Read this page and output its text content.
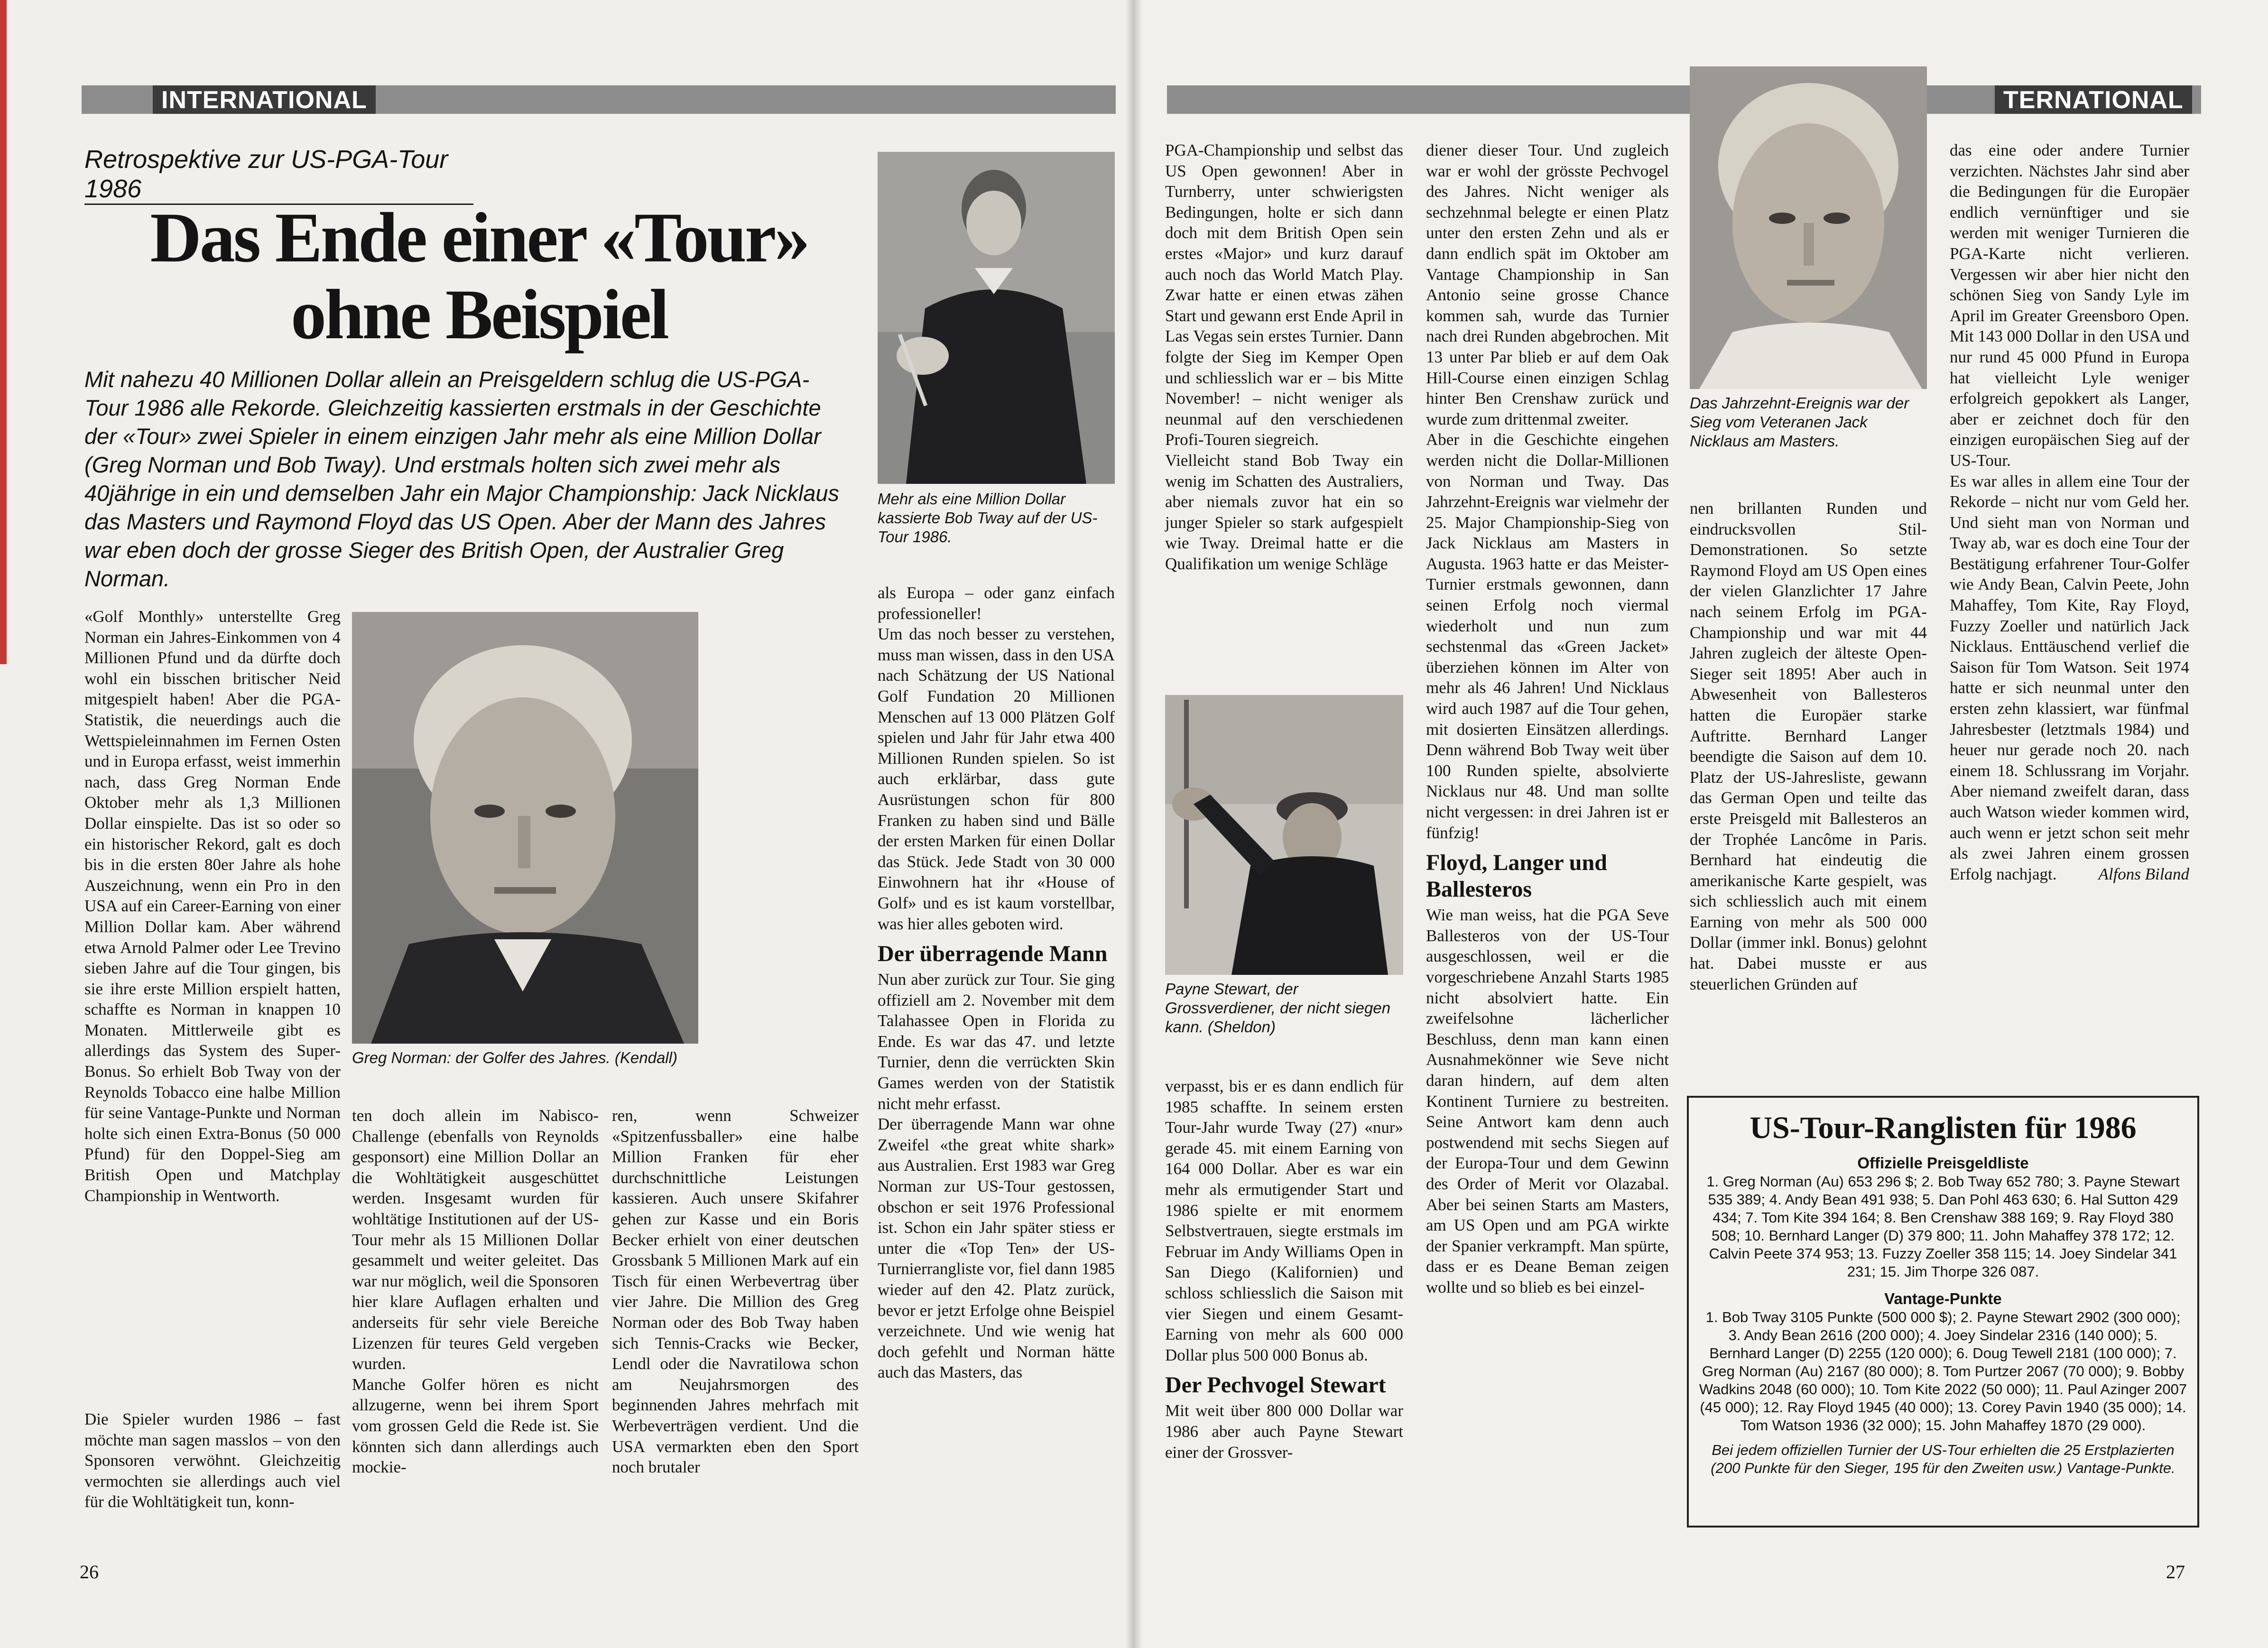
INTERNATIONAL
Retrospektive zur US-PGA-Tour 1986
Das Ende einer «Tour»
ohne Beispiel
Mit nahezu 40 Millionen Dollar allein an Preisgeldern schlug die US-PGA-Tour 1986 alle Rekorde. Gleichzeitig kassierten erstmals in der Geschichte der «Tour» zwei Spieler in einem einzigen Jahr mehr als eine Million Dollar (Greg Norman und Bob Tway). Und erstmals holten sich zwei mehr als 40jährige in ein und demselben Jahr ein Major Championship: Jack Nicklaus das Masters und Raymond Floyd das US Open. Aber der Mann des Jahres war eben doch der grosse Sieger des British Open, der Australier Greg Norman.
Mehr als eine Million Dollar kassierte Bob Tway auf der US-Tour 1986.
Greg Norman: der Golfer des Jahres. (Kendall)

«Golf Monthly» unterstellte Greg Norman ein Jahres-Einkommen von 4 Millionen Pfund und da dürfte doch wohl ein bisschen britischer Neid mitgespielt haben! Aber die PGA-Statistik, die neuerdings auch die Wettspieleinnahmen im Fernen Osten und in Europa erfasst, weist immerhin nach, dass Greg Norman Ende Oktober mehr als 1,3 Millionen Dollar einspielte. Das ist so oder so ein historischer Rekord, galt es doch bis in die ersten 80er Jahre als hohe Auszeichnung, wenn ein Pro in den USA auf ein Career-Earning von einer Million Dollar kam. Aber während etwa Arnold Palmer oder Lee Trevino sieben Jahre auf die Tour gingen, bis sie ihre erste Million erspielt hatten, schaffte es Norman in knappen 10 Monaten. Mittlerweile gibt es allerdings das System des Super-Bonus. So erhielt Bob Tway von der Reynolds Tobacco eine halbe Million für seine Vantage-Punkte und Norman holte sich einen Extra-Bonus (50 000 Pfund) für den Doppel-Sieg am British Open und Matchplay Championship in Wentworth.

Die Spieler wurden 1986 – fast möchte man sagen masslos – von den Sponsoren verwöhnt. Gleichzeitig vermochten sie allerdings auch viel für die Wohltätigkeit tun, konn-

ten doch allein im Nabisco-Challenge (ebenfalls von Reynolds gesponsort) eine Million Dollar an die Wohltätigkeit ausgeschüttet werden. Insgesamt wurden für wohltätige Institutionen auf der US-Tour mehr als 15 Millionen Dollar gesammelt und weiter geleitet. Das war nur möglich, weil die Sponsoren hier klare Auflagen erhalten und anderseits für sehr viele Bereiche Lizenzen für teures Geld vergeben wurden.

Manche Golfer hören es nicht allzugerne, wenn bei ihrem Sport vom grossen Geld die Rede ist. Sie könnten sich dann allerdings auch mockie-

ren, wenn Schweizer «Spitzenfussballer» eine halbe Million Franken für eher durchschnittliche Leistungen kassieren. Auch unsere Skifahrer gehen zur Kasse und ein Boris Becker erhielt von einer deutschen Grossbank 5 Millionen Mark auf ein Tisch für einen Werbevertrag über vier Jahre. Die Million des Greg Norman oder des Bob Tway haben sich Tennis-Cracks wie Becker, Lendl oder die Navratilowa schon am Neujahrsmorgen des beginnenden Jahres mehrfach mit Werbeverträgen verdient. Und die USA vermarkten eben den Sport noch brutaler

als Europa – oder ganz einfach professioneller!

Um das noch besser zu verstehen, muss man wissen, dass in den USA nach Schätzung der US National Golf Fundation 20 Millionen Menschen auf 13 000 Plätzen Golf spielen und Jahr für Jahr etwa 400 Millionen Runden spielen. So ist auch erklärbar, dass gute Ausrüstungen schon für 800 Franken zu haben sind und Bälle der ersten Marken für einen Dollar das Stück. Jede Stadt von 30 000 Einwohnern hat ihr «House of Golf» und es ist kaum vorstellbar, was hier alles geboten wird.

Der überragende Mann

Nun aber zurück zur Tour. Sie ging offiziell am 2. November mit dem Talahassee Open in Florida zu Ende. Es war das 47. und letzte Turnier, denn die verrückten Skin Games werden von der Statistik nicht mehr erfasst.

Der überragende Mann war ohne Zweifel «the great white shark» aus Australien. Erst 1983 war Greg Norman zur US-Tour gestossen, obschon er seit 1976 Professional ist. Schon ein Jahr später stiess er unter die «Top Ten» der US-Turnierrangliste vor, fiel dann 1985 wieder auf den 42. Platz zurück, bevor er jetzt Erfolge ohne Beispiel verzeichnete. Und wie wenig hat doch gefehlt und Norman hätte auch das Masters, das

26
TERNATIONAL

PGA-Championship und selbst das US Open gewonnen! Aber in Turnberry, unter schwierigsten Bedingungen, holte er sich dann doch mit dem British Open sein erstes «Major» und kurz darauf auch noch das World Match Play. Zwar hatte er einen etwas zähen Start und gewann erst Ende April in Las Vegas sein erstes Turnier. Dann folgte der Sieg im Kemper Open und schliesslich war er – bis Mitte November! – nicht weniger als neunmal auf den verschiedenen Profi-Touren siegreich.

Vielleicht stand Bob Tway ein wenig im Schatten des Australiers, aber niemals zuvor hat ein so junger Spieler so stark aufgespielt wie Tway. Dreimal hatte er die Qualifikation um wenige Schläge

Payne Stewart, der Grossverdiener, der nicht siegen kann. (Sheldon)

verpasst, bis er es dann endlich für 1985 schaffte. In seinem ersten Tour-Jahr wurde Tway (27) «nur» gerade 45. mit einem Earning von 164 000 Dollar. Aber es war ein mehr als ermutigender Start und 1986 spielte er mit enormem Selbstvertrauen, siegte erstmals im Februar im Andy Williams Open in San Diego (Kalifornien) und schloss schliesslich die Saison mit vier Siegen und einem Gesamt-Earning von mehr als 600 000 Dollar plus 500 000 Bonus ab.

Der Pechvogel Stewart

Mit weit über 800 000 Dollar war 1986 aber auch Payne Stewart einer der Grossver-

diener dieser Tour. Und zugleich war er wohl der grösste Pechvogel des Jahres. Nicht weniger als sechzehnmal belegte er einen Platz unter den ersten Zehn und als er dann endlich spät im Oktober am Vantage Championship in San Antonio seine grosse Chance kommen sah, wurde das Turnier nach drei Runden abgebrochen. Mit 13 unter Par blieb er auf dem Oak Hill-Course einen einzigen Schlag hinter Ben Crenshaw zurück und wurde zum drittenmal zweiter.

Aber in die Geschichte eingehen werden nicht die Dollar-Millionen von Norman und Tway. Das Jahrzehnt-Ereignis war vielmehr der 25. Major Championship-Sieg von Jack Nicklaus am Masters in Augusta. 1963 hatte er das Meister-Turnier erstmals gewonnen, dann seinen Erfolg noch viermal wiederholt und nun zum sechstenmal das «Green Jacket» überziehen können im Alter von mehr als 46 Jahren! Und Nicklaus wird auch 1987 auf die Tour gehen, mit dosierten Einsätzen allerdings. Denn während Bob Tway weit über 100 Runden spielte, absolvierte Nicklaus nur 48. Und man sollte nicht vergessen: in drei Jahren ist er fünfzig!

Floyd, Langer und Ballesteros

Wie man weiss, hat die PGA Seve Ballesteros von der US-Tour ausgeschlossen, weil er die vorgeschriebene Anzahl Starts 1985 nicht absolviert hatte. Ein zweifelsohne lächerlicher Beschluss, denn man kann einen Ausnahmekönner wie Seve nicht daran hindern, auf dem alten Kontinent Turniere zu bestreiten. Seine Antwort kam denn auch postwendend mit sechs Siegen auf der Europa-Tour und dem Gewinn des Order of Merit vor Olazabal. Aber bei seinen Starts am Masters, am US Open und am PGA wirkte der Spanier verkrampft. Man spürte, dass er es Deane Beman zeigen wollte und so blieb es bei einzel-

Das Jahrzehnt-Ereignis war der Sieg vom Veteranen Jack Nicklaus am Masters.

nen brillanten Runden und eindrucksvollen Stil-Demonstrationen. So setzte Raymond Floyd am US Open eines der vielen Glanzlichter 17 Jahre nach seinem Erfolg im PGA-Championship und war mit 44 Jahren zugleich der älteste Open-Sieger seit 1895! Aber auch in Abwesenheit von Ballesteros hatten die Europäer starke Auftritte. Bernhard Langer beendigte die Saison auf dem 10. Platz der US-Jahresliste, gewann das German Open und teilte das erste Preisgeld mit Ballesteros an der Trophée Lancôme in Paris. Bernhard hat eindeutig die amerikanische Karte gespielt, was sich schliesslich auch mit einem Earning von mehr als 500 000 Dollar (immer inkl. Bonus) gelohnt hat. Dabei musste er aus steuerlichen Gründen auf

das eine oder andere Turnier verzichten. Nächstes Jahr sind aber die Bedingungen für die Europäer endlich vernünftiger und sie werden mit weniger Turnieren die PGA-Karte nicht verlieren. Vergessen wir aber hier nicht den schönen Sieg von Sandy Lyle im April im Greater Greensboro Open. Mit 143 000 Dollar in den USA und nur rund 45 000 Pfund in Europa hat vielleicht Lyle weniger erfolgreich gepokkert als Langer, aber er zeichnet doch für den einzigen europäischen Sieg auf der US-Tour.

Es war alles in allem eine Tour der Rekorde – nicht nur vom Geld her. Und sieht man von Norman und Tway ab, war es doch eine Tour der Bestätigung erfahrener Tour-Golfer wie Andy Bean, Calvin Peete, John Mahaffey, Tom Kite, Ray Floyd, Fuzzy Zoeller und natürlich Jack Nicklaus. Enttäuschend verlief die Saison für Tom Watson. Seit 1974 hatte er sich neunmal unter den ersten zehn klassiert, war fünfmal Jahresbester (letztmals 1984) und heuer nur gerade noch 20. nach einem 18. Schlussrang im Vorjahr. Aber niemand zweifelt daran, dass auch Watson wieder kommen wird, auch wenn er jetzt schon seit mehr als zwei Jahren einem grossen Erfolg nachjagt.	Alfons Biland

US-Tour-Ranglisten für 1986
Offizielle Preisgeldliste
1. Greg Norman (Au) 653 296 $; 2. Bob Tway 652 780; 3. Payne Stewart 535 389; 4. Andy Bean 491 938; 5. Dan Pohl 463 630; 6. Hal Sutton 429 434; 7. Tom Kite 394 164; 8. Ben Crenshaw 388 169; 9. Ray Floyd 380 508; 10. Bernhard Langer (D) 379 800; 11. John Mahaffey 378 172; 12. Calvin Peete 374 953; 13. Fuzzy Zoeller 358 115; 14. Joey Sindelar 341 231; 15. Jim Thorpe 326 087.
Vantage-Punkte
1. Bob Tway 3105 Punkte (500 000 $); 2. Payne Stewart 2902 (300 000); 3. Andy Bean 2616 (200 000); 4. Joey Sindelar 2316 (140 000); 5. Bernhard Langer (D) 2255 (120 000); 6. Doug Tewell 2181 (100 000); 7. Greg Norman (Au) 2167 (80 000); 8. Tom Purtzer 2067 (70 000); 9. Bobby Wadkins 2048 (60 000); 10. Tom Kite 2022 (50 000); 11. Paul Azinger 2007 (45 000); 12. Ray Floyd 1945 (40 000); 13. Corey Pavin 1940 (35 000); 14. Tom Watson 1936 (32 000); 15. John Mahaffey 1870 (29 000).
Bei jedem offiziellen Turnier der US-Tour erhielten die 25 Erstplazierten (200 Punkte für den Sieger, 195 für den Zweiten usw.) Vantage-Punkte.
27
